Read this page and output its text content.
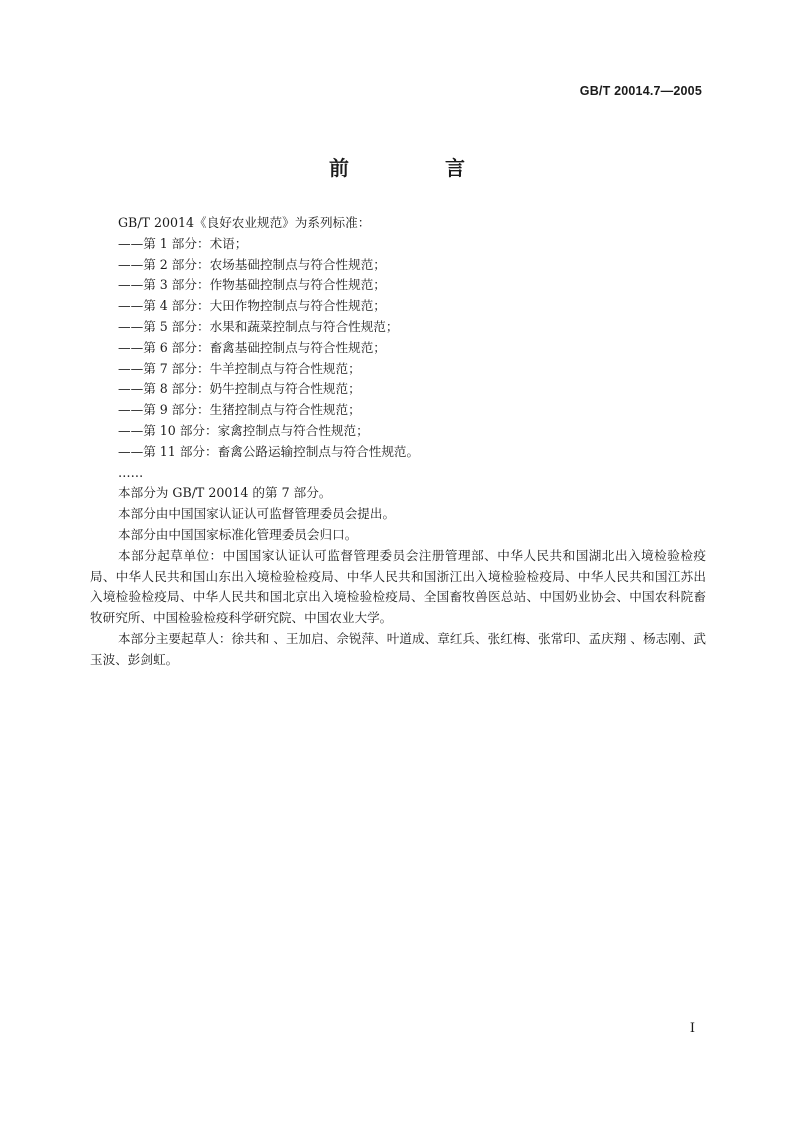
GB/T 20014.7—2005
前　言

GB/T 20014《良好农业规范》为系列标准：

——第 1 部分：术语；

——第 2 部分：农场基础控制点与符合性规范；

——第 3 部分：作物基础控制点与符合性规范；

——第 4 部分：大田作物控制点与符合性规范；

——第 5 部分：水果和蔬菜控制点与符合性规范；

——第 6 部分：畜禽基础控制点与符合性规范；

——第 7 部分：牛羊控制点与符合性规范；

——第 8 部分：奶牛控制点与符合性规范；

——第 9 部分：生猪控制点与符合性规范；

——第 10 部分：家禽控制点与符合性规范；

——第 11 部分：畜禽公路运输控制点与符合性规范。

……

本部分为 GB/T 20014 的第 7 部分。

本部分由中国国家认证认可监督管理委员会提出。

本部分由中国国家标准化管理委员会归口。

本部分起草单位：中国国家认证认可监督管理委员会注册管理部、中华人民共和国湖北出入境检验检疫局、中华人民共和国山东出入境检验检疫局、中华人民共和国浙江出入境检验检疫局、中华人民共和国江苏出入境检验检疫局、中华人民共和国北京出入境检验检疫局、全国畜牧兽医总站、中国奶业协会、中国农科院畜牧研究所、中国检验检疫科学研究院、中国农业大学。

本部分主要起草人：徐共和 、王加启、佘锐萍、叶道成、章红兵、张红梅、张常印、孟庆翔 、杨志刚、武玉波、彭剑虹。

I
